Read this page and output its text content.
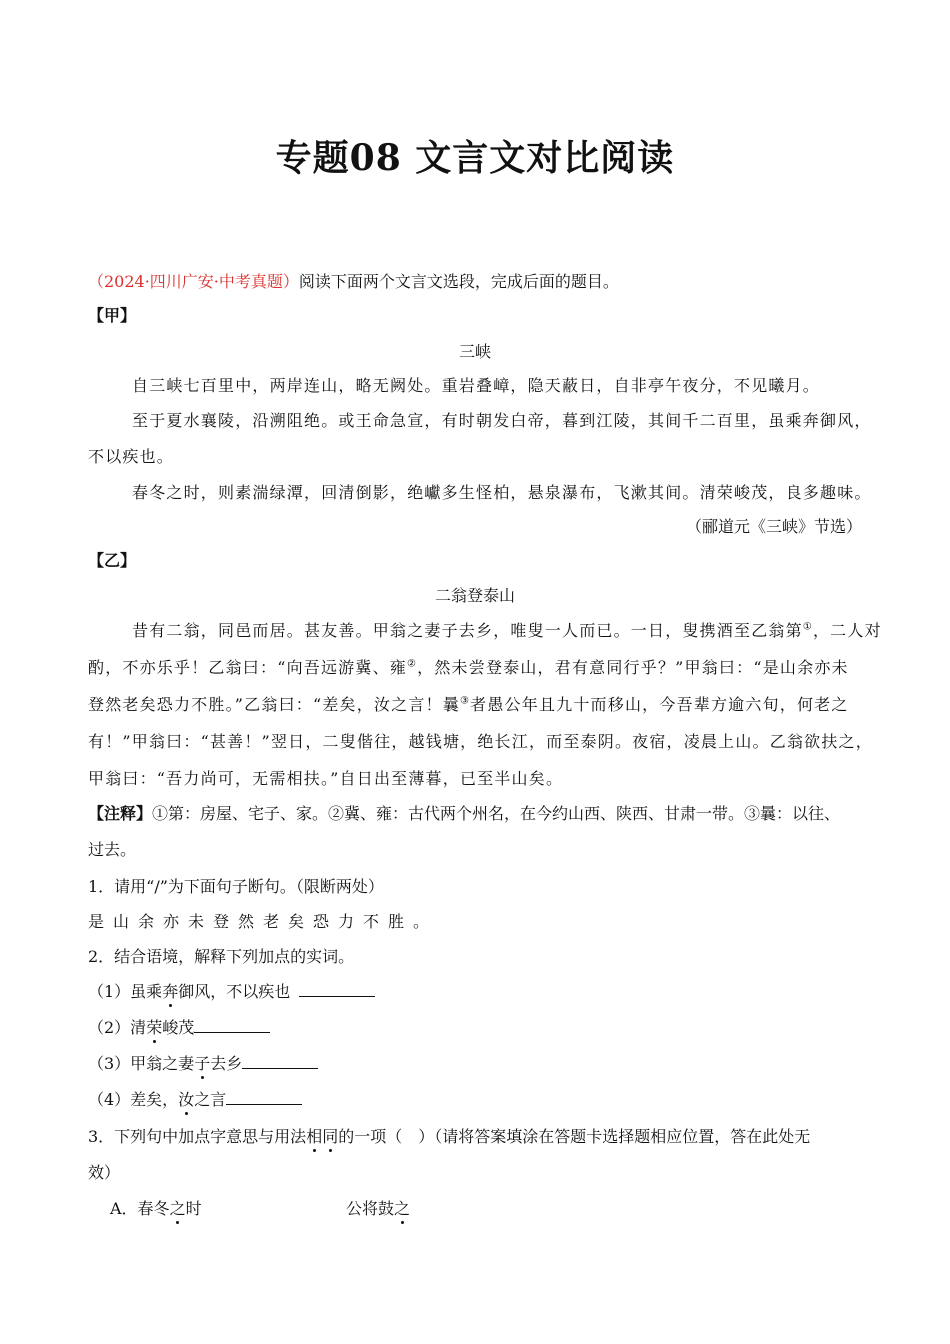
专题08 文言文对比阅读
（2024·四川广安·中考真题）阅读下面两个文言文选段，完成后面的题目。
【甲】
三峡
自三峡七百里中，两岸连山，略无阙处。重岩叠嶂，隐天蔽日，自非亭午夜分，不见曦月。
至于夏水襄陵，沿溯阻绝。或王命急宣，有时朝发白帝，暮到江陵，其间千二百里，虽乘奔御风，
不以疾也。
春冬之时，则素湍绿潭，回清倒影，绝巘多生怪柏，悬泉瀑布，飞漱其间。清荣峻茂，良多趣味。
（郦道元《三峡》节选）
【乙】
二翁登泰山
昔有二翁，同邑而居。甚友善。甲翁之妻子去乡，唯叟一人而已。一日，叟携酒至乙翁第①，二人对
酌，不亦乐乎！乙翁曰：“向吾远游冀、雍②，然未尝登泰山，君有意同行乎？”甲翁曰：“是山余亦未
登然老矣恐力不胜。”乙翁曰：“差矣，汝之言！曩③者愚公年且九十而移山，今吾辈方逾六旬，何老之
有！”甲翁曰：“甚善！”翌日，二叟偕往，越钱塘，绝长江，而至泰阴。夜宿，凌晨上山。乙翁欲扶之，
甲翁曰：“吾力尚可，无需相扶。”自日出至薄暮，已至半山矣。
【注释】①第：房屋、宅子、家。②冀、雍：古代两个州名，在今约山西、陕西、甘肃一带。③曩：以往、
过去。
1．请用“/”为下面句子断句。（限断两处）
是山余亦未登然老矣恐力不胜。
2．结合语境，解释下列加点的实词。
（1）虽乘奔御风，不以疾也
（2）清荣峻茂
（3）甲翁之妻子去乡
（4）差矣，汝之言
3．下列句中加点字意思与用法相同的一项（　）（请将答案填涂在答题卡选择题相应位置，答在此处无
效）
A．春冬之时	公将鼓之
